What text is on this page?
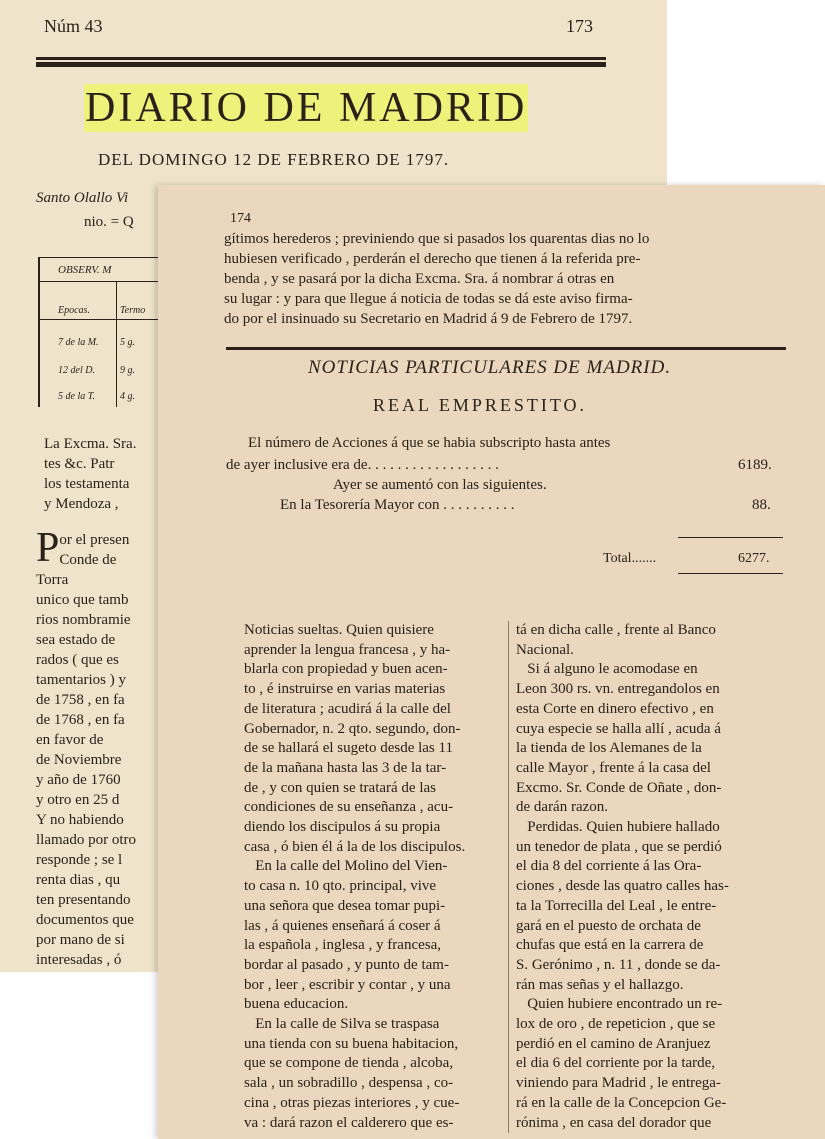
Núm 43	173
DIARIO DE MADRID
DEL DOMINGO 12 DE FEBRERO DE 1797.
Santo Olallo Vi
nio. = Q
OBSERV. M
Epocas.	Termo
7 de la M. 5 g.
12 del D.	9 g.
5 de la T. 4 g.
La Excma. Sra.
tes &c. Patr
los testamenta
y Mendoza ,
P or el presen
Conde de Torra
unico que tamb
rios nombramie
sea estado de
rados ( que es
tamentarios ) y
de 1758 , en fa
de 1768 , en fa
en favor de
de Noviembre
y año de 1760
y otro en 25 d
Y no habiendo
llamado por otro
responde ; se l
renta dias , qu
ten presentando
documentos que
por mano de si
interesadas , ó
174
gítimos herederos ; previniendo que si pasados los quarentas dias no lo
hubiesen verificado , perderán el derecho que tienen á la referida pre-
benda , y se pasará por la dicha Excma. Sra. á nombrar á otras en
su lugar : y para que llegue á noticia de todas se dá este aviso firma-
do por el insinuado su Secretario en Madrid á 9 de Febrero de 1797.
NOTICIAS PARTICULARES DE MADRID.
REAL EMPRESTITO.
El número de Acciones á que se habia subscripto hasta antes
de ayer inclusive era de. . . . . . . . . . . . . . . . . .	6189.
Ayer se aumentó con las siguientes.
En la Tesorería Mayor con . . . . . . . . . .	88.
Total.......	6277.
Noticias sueltas. Quien quisiere
aprender la lengua francesa , y ha-
blarla con propiedad y buen acen-
to , é instruirse en varias materias
de literatura ; acudirá á la calle del
Gobernador, n. 2 qto. segundo, don-
de se hallará el sugeto desde las 11
de la mañana hasta las 3 de la tar-
de , y con quien se tratará de las
condiciones de su enseñanza , acu-
diendo los discipulos á su propia
casa , ó bien él á la de los discipulos.
En la calle del Molino del Vien-
to casa n. 10 qto. principal, vive
una señora que desea tomar pupi-
las , á quienes enseñará á coser á
la española , inglesa , y francesa,
bordar al pasado , y punto de tam-
bor , leer , escribir y contar , y una
buena educacion.
En la calle de Silva se traspasa
una tienda con su buena habitacion,
que se compone de tienda , alcoba,
sala , un sobradillo , despensa , co-
cina , otras piezas interiores , y cue-
va : dará razon el calderero que es-
tá en dicha calle , frente al Banco
Nacional.
Si á alguno le acomodase en
Leon 300 rs. vn. entregandolos en
esta Corte en dinero efectivo , en
cuya especie se halla allí , acuda á
la tienda de los Alemanes de la
calle Mayor , frente á la casa del
Excmo. Sr. Conde de Oñate , don-
de darán razon.
Perdidas. Quien hubiere hallado
un tenedor de plata , que se perdió
el dia 8 del corriente á las Ora-
ciones , desde las quatro calles has-
ta la Torrecilla del Leal , le entre-
gará en el puesto de orchata de
chufas que está en la carrera de
S. Gerónimo , n. 11 , donde se da-
rán mas señas y el hallazgo.
Quien hubiere encontrado un re-
lox de oro , de repeticion , que se
perdió en el camino de Aranjuez
el dia 6 del corriente por la tarde,
viniendo para Madrid , le entrega-
rá en la calle de la Concepcion Ge-
rónima , en casa del dorador que
